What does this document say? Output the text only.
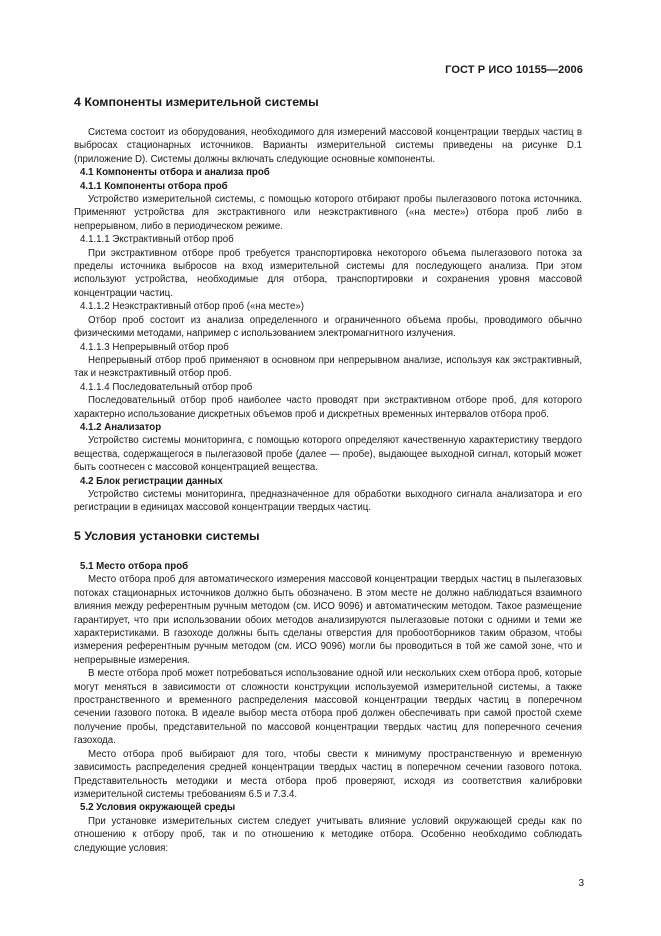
ГОСТ Р ИСО 10155—2006

4 Компоненты измерительной системы

Система состоит из оборудования, необходимого для измерений массовой концентрации твердых частиц в выбросах стационарных источников. Варианты измерительной системы приведены на рисунке D.1 (приложение D). Системы должны включать следующие основные компоненты.

4.1 Компоненты отбора и анализа проб

4.1.1 Компоненты отбора проб

Устройство измерительной системы, с помощью которого отбирают пробы пылегазового потока источника. Применяют устройства для экстрактивного или неэкстрактивного («на месте») отбора проб либо в непрерывном, либо в периодическом режиме.

4.1.1.1 Экстрактивный отбор проб

При экстрактивном отборе проб требуется транспортировка некоторого объема пылегазового потока за пределы источника выбросов на вход измерительной системы для последующего анализа. При этом используют устройства, необходимые для отбора, транспортировки и сохранения уровня массовой концентрации частиц.

4.1.1.2 Неэкстрактивный отбор проб («на месте»)

Отбор проб состоит из анализа определенного и ограниченного объема пробы, проводимого обычно физическими методами, например с использованием электромагнитного излучения.

4.1.1.3 Непрерывный отбор проб

Непрерывный отбор проб применяют в основном при непрерывном анализе, используя как экстрактивный, так и неэкстрактивный отбор проб.

4.1.1.4 Последовательный отбор проб

Последовательный отбор проб наиболее часто проводят при экстрактивном отборе проб, для которого характерно использование дискретных объемов проб и дискретных временных интервалов отбора проб.

4.1.2 Анализатор

Устройство системы мониторинга, с помощью которого определяют качественную характеристику твердого вещества, содержащегося в пылегазовой пробе (далее — пробе), выдающее выходной сигнал, который может быть соотнесен с массовой концентрацией вещества.

4.2 Блок регистрации данных

Устройство системы мониторинга, предназначенное для обработки выходного сигнала анализатора и его регистрации в единицах массовой концентрации твердых частиц.

5 Условия установки системы

5.1 Место отбора проб

Место отбора проб для автоматического измерения массовой концентрации твердых частиц в пылегазовых потоках стационарных источников должно быть обозначено. В этом месте не должно наблюдаться взаимного влияния между референтным ручным методом (см. ИСО 9096) и автоматическим методом. Такое размещение гарантирует, что при использовании обоих методов анализируются пылегазовые потоки с одними и теми же характеристиками. В газоходе должны быть сделаны отверстия для пробоотборников таким образом, чтобы измерения референтным ручным методом (см. ИСО 9096) могли бы проводиться в той же самой зоне, что и непрерывные измерения.

В месте отбора проб может потребоваться использование одной или нескольких схем отбора проб, которые могут меняться в зависимости от сложности конструкции используемой измерительной системы, а также пространственного и временного распределения массовой концентрации твердых частиц в поперечном сечении газового потока. В идеале выбор места отбора проб должен обеспечивать при самой простой схеме получение пробы, представительной по массовой концентрации твердых частиц для поперечного сечения газохода.

Место отбора проб выбирают для того, чтобы свести к минимуму пространственную и временную зависимость распределения средней концентрации твердых частиц в поперечном сечении газового потока. Представительность методики и места отбора проб проверяют, исходя из соответствия калибровки измерительной системы требованиям 6.5 и 7.3.4.

5.2 Условия окружающей среды

При установке измерительных систем следует учитывать влияние условий окружающей среды как по отношению к отбору проб, так и по отношению к методике отбора. Особенно необходимо соблюдать следующие условия:

3
